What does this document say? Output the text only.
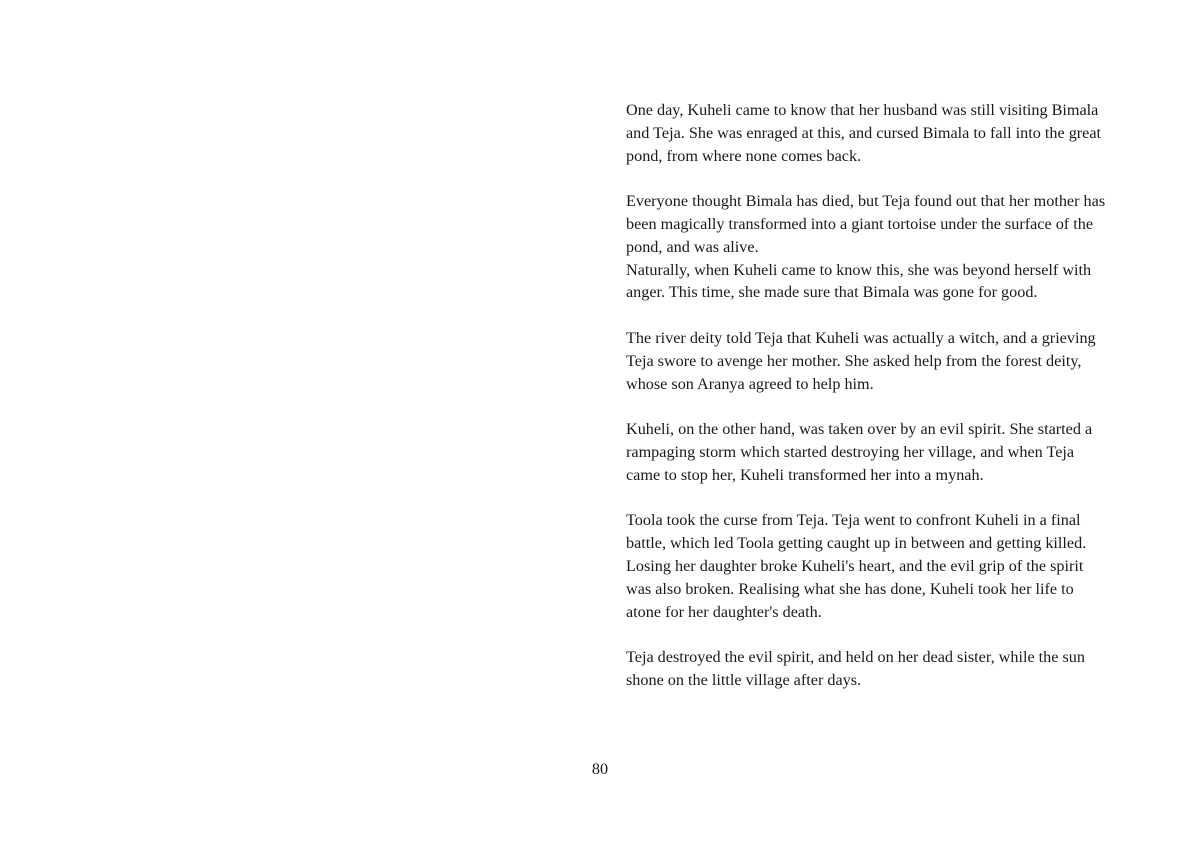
One day, Kuheli came to know that her husband was still visiting Bimala and Teja. She was enraged at this, and cursed Bimala to fall into the great pond, from where none comes back.

Everyone thought Bimala has died, but Teja found out that her mother has been magically transformed into a giant tortoise under the surface of the pond, and was alive.

Naturally, when Kuheli came to know this, she was beyond herself with anger. This time, she made sure that Bimala was gone for good.

The river deity told Teja that Kuheli was actually a witch, and a grieving Teja swore to avenge her mother. She asked help from the forest deity, whose son Aranya agreed to help him.

Kuheli, on the other hand, was taken over by an evil spirit. She started a rampaging storm which started destroying her village, and when Teja came to stop her, Kuheli transformed her into a mynah.

Toola took the curse from Teja. Teja went to confront Kuheli in a final battle, which led Toola getting caught up in between and getting killed. Losing her daughter broke Kuheli's heart, and the evil grip of the spirit was also broken. Realising what she has done, Kuheli took her life to atone for her daughter's death.

Teja destroyed the evil spirit, and held on her dead sister, while the sun shone on the little village after days.

80
